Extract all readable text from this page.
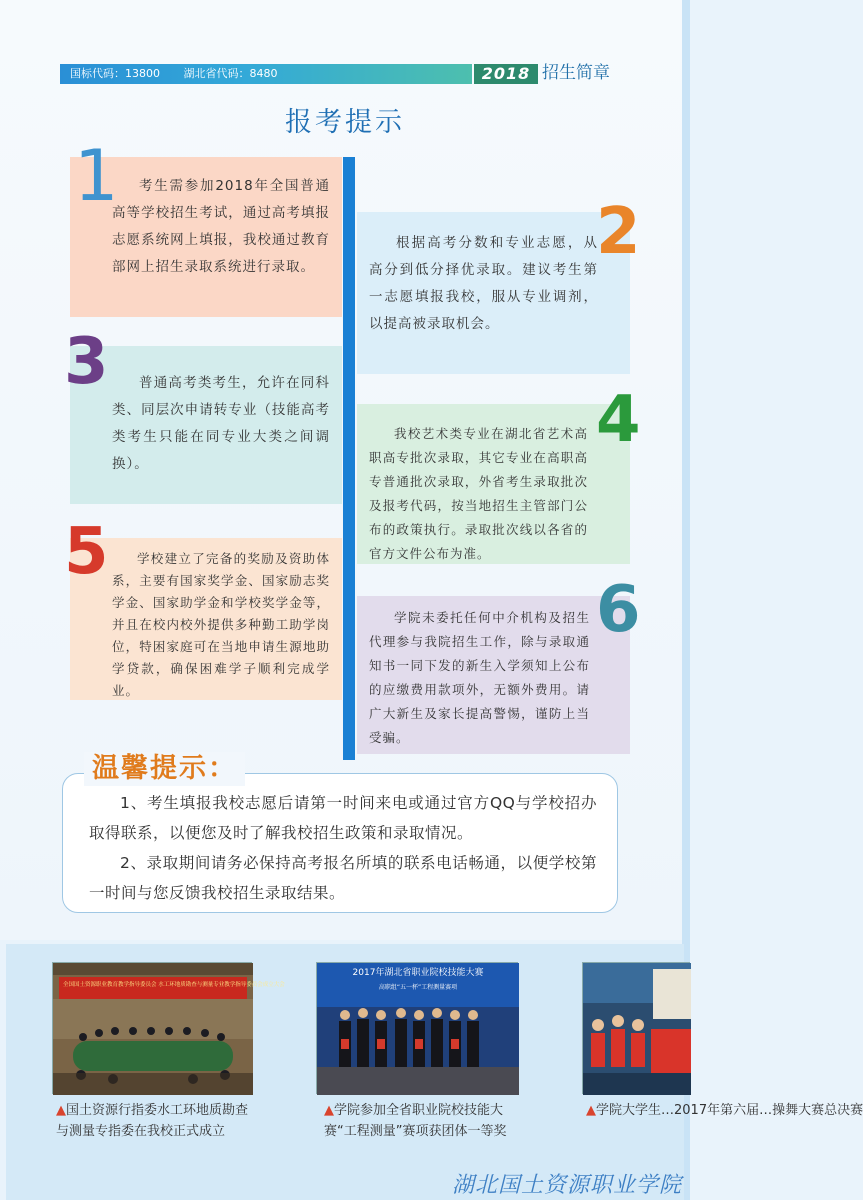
国标代码：13800 湖北省代码：8480	2018 招生简章
报考提示

考生需参加2018年全国普通高等学校招生考试，通过高考填报志愿系统网上填报，我校通过教育部网上招生录取系统进行录取。

1

根据高考分数和专业志愿，从高分到低分择优录取。建议考生第一志愿填报我校，服从专业调剂，以提高被录取机会。

2

普通高考类考生，允许在同科类、同层次申请转专业（技能高考类考生只能在同专业大类之间调换）。

3

我校艺术类专业在湖北省艺术高职高专批次录取，其它专业在高职高专普通批次录取，外省考生录取批次及报考代码，按当地招生主管部门公布的政策执行。录取批次线以各省的官方文件公布为准。

4

学校建立了完备的奖励及资助体系，主要有国家奖学金、国家励志奖学金、国家助学金和学校奖学金等，并且在校内校外提供多种勤工助学岗位，特困家庭可在当地申请生源地助学贷款，确保困难学子顺利完成学业。

5

学院未委托任何中介机构及招生代理参与我院招生工作，除与录取通知书一同下发的新生入学须知上公布的应缴费用款项外，无额外费用。请广大新生及家长提高警惕，谨防上当受骗。

6

1、考生填报我校志愿后请第一时间来电或通过官方QQ与学校招办取得联系，以便您及时了解我校招生政策和录取情况。

2、录取期间请务必保持高考报名所填的联系电话畅通，以便学校第一时间与您反馈我校招生录取结果。

温馨提示：
全国国土资源职业教育教学指导委员会 水工环地质勘查与测量专业教学指导委员会成立大会
2017年湖北省职业院校技能大赛
高职组“五一杯”工程测量赛项
▲国土资源行指委水工环地质勘查与测量专指委在我校正式成立
▲学院参加全省职业院校技能大赛“工程测量”赛项获团体一等奖
▲学院大学生…2017年第六届…操舞大赛总决赛
湖北国土资源职业学院
